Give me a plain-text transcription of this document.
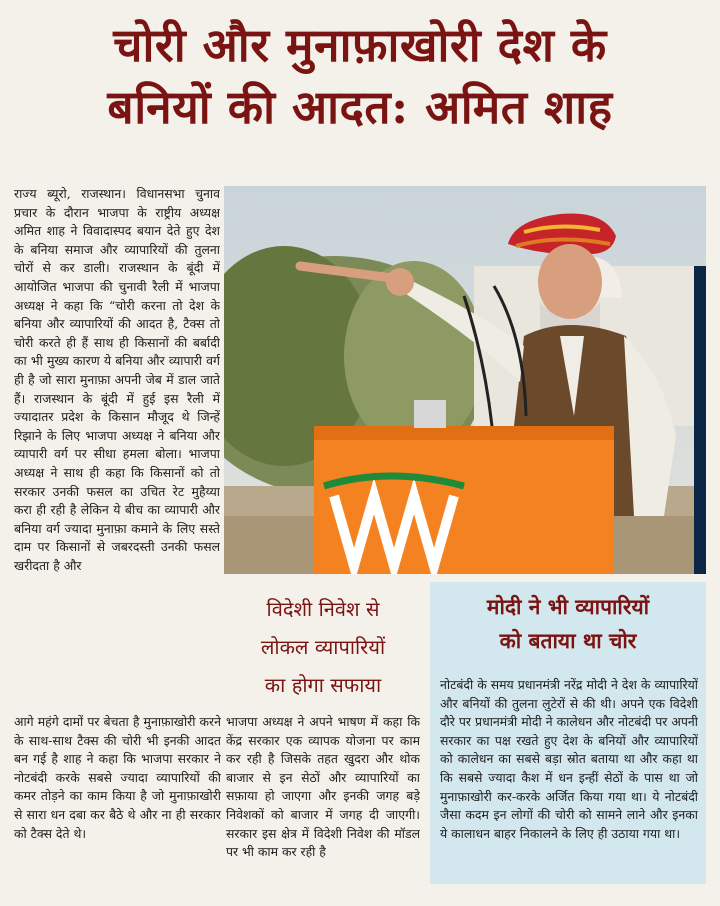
चोरी और मुनाफ़ाखोरी देश के
बनियों की आदत: अमित शाह
राज्य ब्यूरो, राजस्थान। विधानसभा चुनाव प्रचार के दौरान भाजपा के राष्ट्रीय अध्यक्ष अमित शाह ने विवादास्पद बयान देते हुए देश के बनिया समाज और व्यापारियों की तुलना चोरों से कर डाली। राजस्थान के बूंदी में आयोजित भाजपा की चुनावी रैली में भाजपा अध्यक्ष ने कहा कि “चोरी करना तो देश के बनिया और व्यापारियों की आदत है, टैक्स तो चोरी करते ही हैं साथ ही किसानों की बर्बादी का भी मुख्य कारण ये बनिया और व्यापारी वर्ग ही है जो सारा मुनाफ़ा अपनी जेब में डाल जाते हैं। राजस्थान के बूंदी में हुई इस रैली में ज्यादातर प्रदेश के किसान मौजूद थे जिन्हें रिझाने के लिए भाजपा अध्यक्ष ने बनिया और व्यापारी वर्ग पर सीधा हमला बोला। भाजपा अध्यक्ष ने साथ ही कहा कि किसानों को तो सरकार उनकी फसल का उचित रेट मुहैय्या करा ही रही है लेकिन ये बीच का व्यापारी और बनिया वर्ग ज्यादा मुनाफ़ा कमाने के लिए सस्ते दाम पर किसानों से जबरदस्ती उनकी फसल खरीदता है और
आगे महंगे दामों पर बेचता है मुनाफ़ाखोरी करने के साथ-साथ टैक्स की चोरी भी इनकी आदत बन गई है शाह ने कहा कि भाजपा सरकार ने नोटबंदी करके सबसे ज्यादा व्यापारियों की कमर तोड़ने का काम किया है जो मुनाफ़ाखोरी से सारा धन दबा कर बैठे थे और ना ही सरकार को टैक्स देते थे।
विदेशी निवेश से
लोकल व्यापारियों
का होगा सफाया
भाजपा अध्यक्ष ने अपने भाषण में कहा कि केंद्र सरकार एक व्यापक योजना पर काम कर रही है जिसके तहत खुदरा और थोक बाजार से इन सेठों और व्यापारियों का सफ़ाया हो जाएगा और इनकी जगह बड़े निवेशकों को बाजार में जगह दी जाएगी। सरकार इस क्षेत्र में विदेशी निवेश की मॉडल पर भी काम कर रही है
मोदी ने भी व्यापारियों
को बताया था चोर
नोटबंदी के समय प्रधानमंत्री नरेंद्र मोदी ने देश के व्यापारियों और बनियों की तुलना लुटेरों से की थी। अपने एक विदेशी दौरे पर प्रधानमंत्री मोदी ने कालेधन और नोटबंदी पर अपनी सरकार का पक्ष रखते हुए देश के बनियों और व्यापारियों को कालेधन का सबसे बड़ा स्रोत बताया था और कहा था कि सबसे ज्यादा कैश में धन इन्हीं सेठों के पास था जो मुनाफ़ाखोरी कर-करके अर्जित किया गया था। ये नोटबंदी जैसा कदम इन लोगों की चोरी को सामने लाने और इनका ये कालाधन बाहर निकालने के लिए ही उठाया गया था।
